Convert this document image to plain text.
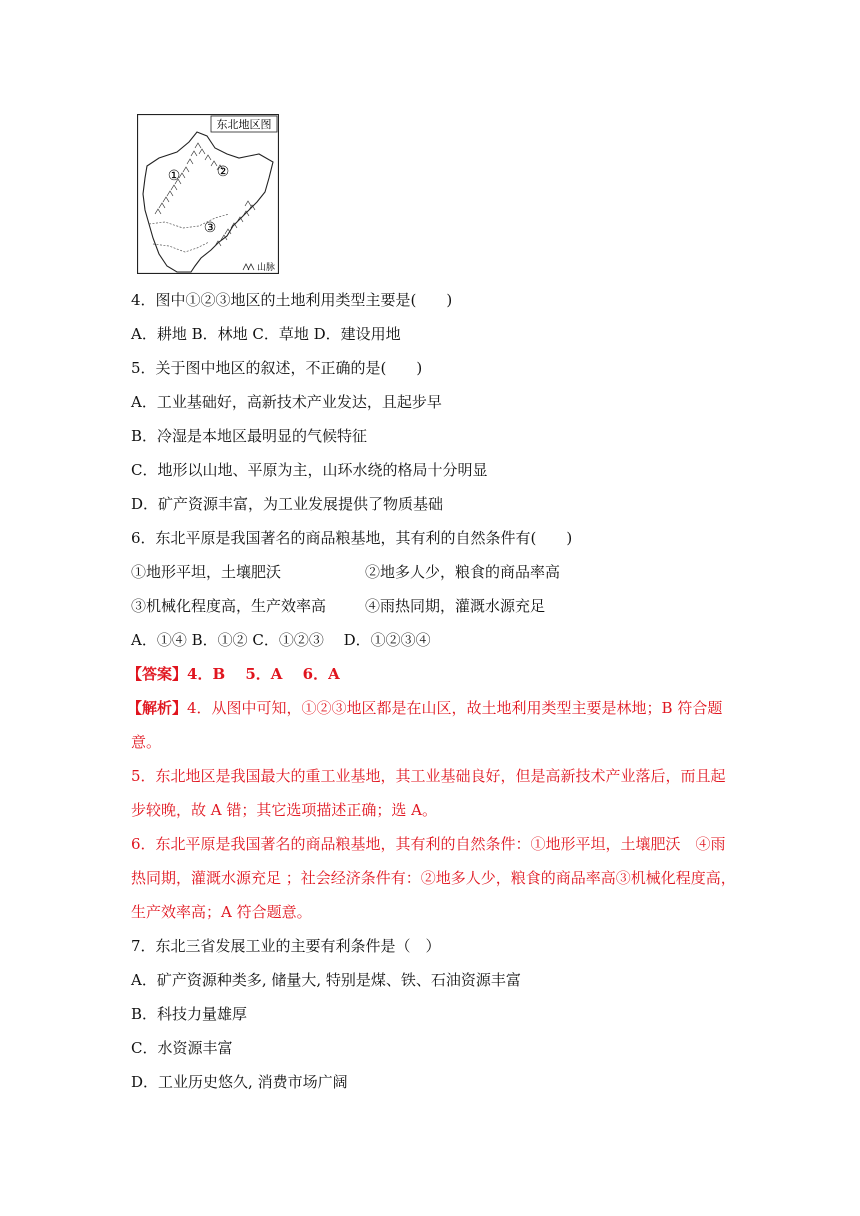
东北地区图
①	②
③
山脉
4．图中①②③地区的土地利用类型主要是(　　)
A．耕地 B．林地 C．草地 D．建设用地
5．关于图中地区的叙述，不正确的是(　　)
A．工业基础好，高新技术产业发达，且起步早
B．冷湿是本地区最明显的气候特征
C．地形以山地、平原为主，山环水绕的格局十分明显
D．矿产资源丰富，为工业发展提供了物质基础
6．东北平原是我国著名的商品粮基地，其有利的自然条件有(　　)
①地形平坦，土壤肥沃	②地多人少，粮食的商品率高
③机械化程度高，生产效率高	④雨热同期，灌溉水源充足
A．①④ B．①② C．①②③　 D．①②③④
【答案】4．B　 5．A　 6．A
【解析】4．从图中可知，①②③地区都是在山区，故土地利用类型主要是林地；B 符合题
意。
5．东北地区是我国最大的重工业基地，其工业基础良好，但是高新技术产业落后，而且起
步较晚，故 A 错；其它选项描述正确；选 A。
6．东北平原是我国著名的商品粮基地，其有利的自然条件：①地形平坦，土壤肥沃　④雨
热同期，灌溉水源充足 ；社会经济条件有：②地多人少，粮食的商品率高③机械化程度高，
生产效率高；A 符合题意。
7．东北三省发展工业的主要有利条件是（　）
A．矿产资源种类多, 储量大, 特别是煤、铁、石油资源丰富
B．科技力量雄厚
C．水资源丰富
D．工业历史悠久, 消费市场广阔
